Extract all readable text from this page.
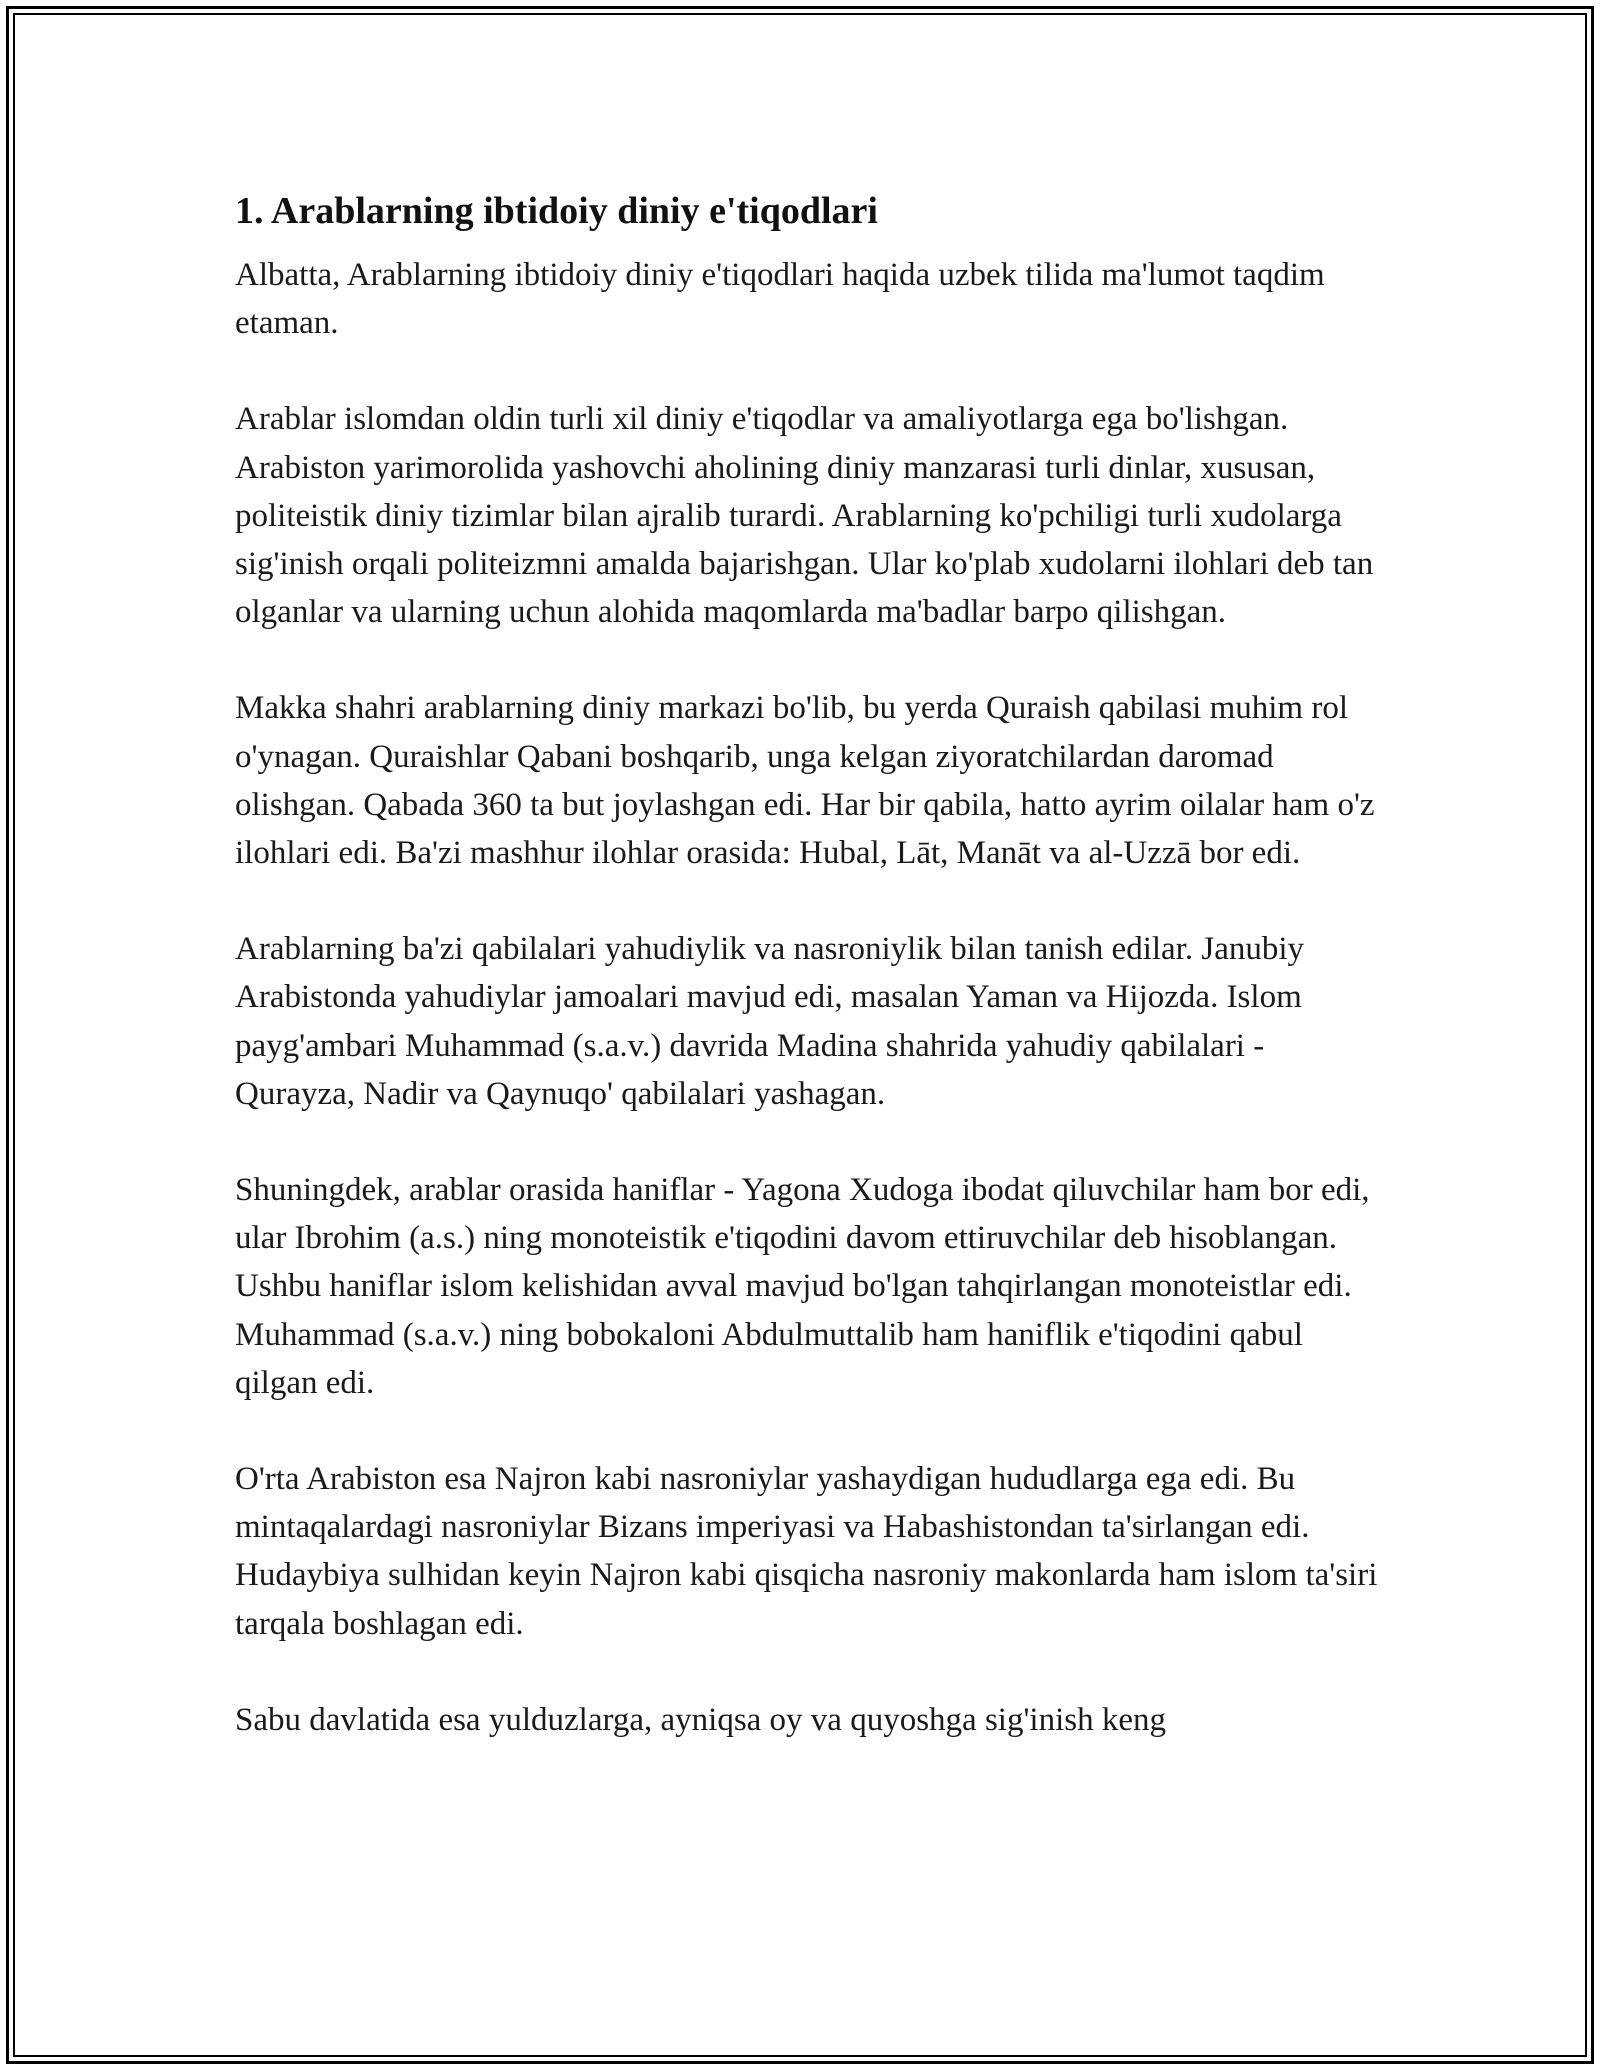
1. Arablarning ibtidoiy diniy e'tiqodlari

Albatta, Arablarning ibtidoiy diniy e'tiqodlari haqida uzbek tilida ma'lumot taqdim etaman.

Arablar islomdan oldin turli xil diniy e'tiqodlar va amaliyotlarga ega bo'lishgan. Arabiston yarimorolida yashovchi aholining diniy manzarasi turli dinlar, xususan, politeistik diniy tizimlar bilan ajralib turardi. Arablarning ko'pchiligi turli xudolarga sig'inish orqali politeizmni amalda bajarishgan. Ular ko'plab xudolarni ilohlari deb tan olganlar va ularning uchun alohida maqomlarda ma'badlar barpo qilishgan.

Makka shahri arablarning diniy markazi bo'lib, bu yerda Quraish qabilasi muhim rol o'ynagan. Quraishlar Qabani boshqarib, unga kelgan ziyoratchilardan daromad olishgan. Qabada 360 ta but joylashgan edi. Har bir qabila, hatto ayrim oilalar ham o'z ilohlari edi. Ba'zi mashhur ilohlar orasida: Hubal, Lāt, Manāt va al-Uzzā bor edi.

Arablarning ba'zi qabilalari yahudiylik va nasroniylik bilan tanish edilar. Janubiy Arabistonda yahudiylar jamoalari mavjud edi, masalan Yaman va Hijozda. Islom payg'ambari Muhammad (s.a.v.) davrida Madina shahrida yahudiy qabilalari - Qurayza, Nadir va Qaynuqo' qabilalari yashagan.

Shuningdek, arablar orasida haniflar - Yagona Xudoga ibodat qiluvchilar ham bor edi, ular Ibrohim (a.s.) ning monoteistik e'tiqodini davom ettiruvchilar deb hisoblangan. Ushbu haniflar islom kelishidan avval mavjud bo'lgan tahqirlangan monoteistlar edi. Muhammad (s.a.v.) ning bobokaloni Abdulmuttalib ham haniflik e'tiqodini qabul qilgan edi.

O'rta Arabiston esa Najron kabi nasroniylar yashaydigan hududlarga ega edi. Bu mintaqalardagi nasroniylar Bizans imperiyasi va Habashistondan ta'sirlangan edi. Hudaybiya sulhidan keyin Najron kabi qisqicha nasroniy makonlarda ham islom ta'siri tarqala boshlagan edi.

Sabu davlatida esa yulduzlarga, ayniqsa oy va quyoshga sig'inish keng
